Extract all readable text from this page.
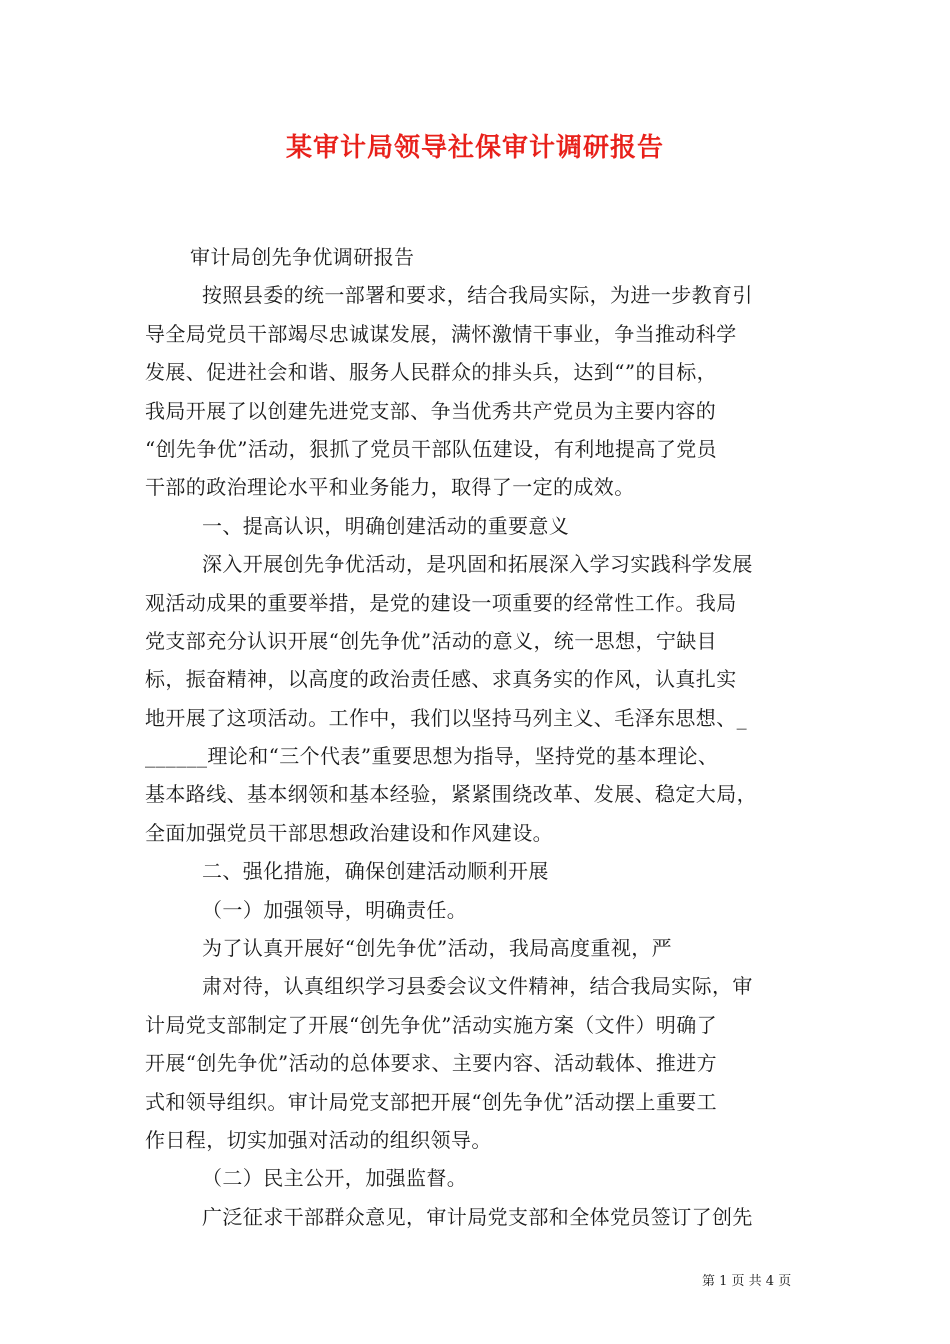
某审计局领导社保审计调研报告
审计局创先争优调研报告
按照县委的统一部署和要求，结合我局实际，为进一步教育引
导全局党员干部竭尽忠诚谋发展，满怀激情干事业，争当推动科学
发展、促进社会和谐、服务人民群众的排头兵，达到“”的目标，
我局开展了以创建先进党支部、争当优秀共产党员为主要内容的
“创先争优”活动，狠抓了党员干部队伍建设，有利地提高了党员
干部的政治理论水平和业务能力，取得了一定的成效。
一、提高认识，明确创建活动的重要意义
深入开展创先争优活动，是巩固和拓展深入学习实践科学发展
观活动成果的重要举措，是党的建设一项重要的经常性工作。我局
党支部充分认识开展“创先争优”活动的意义，统一思想，宁缺目
标，振奋精神，以高度的政治责任感、求真务实的作风，认真扎实
地开展了这项活动。工作中，我们以坚持马列主义、毛泽东思想、_
______理论和“三个代表”重要思想为指导，坚持党的基本理论、
基本路线、基本纲领和基本经验，紧紧围绕改革、发展、稳定大局，
全面加强党员干部思想政治建设和作风建设。
二、强化措施，确保创建活动顺利开展
（一）加强领导，明确责任。
为了认真开展好“创先争优”活动，我局高度重视，严
肃对待，认真组织学习县委会议文件精神，结合我局实际，审
计局党支部制定了开展“创先争优”活动实施方案（文件）明确了
开展“创先争优”活动的总体要求、主要内容、活动载体、推进方
式和领导组织。审计局党支部把开展“创先争优”活动摆上重要工
作日程，切实加强对活动的组织领导。
（二）民主公开，加强监督。
广泛征求干部群众意见，审计局党支部和全体党员签订了创先
第 1 页 共 4 页
